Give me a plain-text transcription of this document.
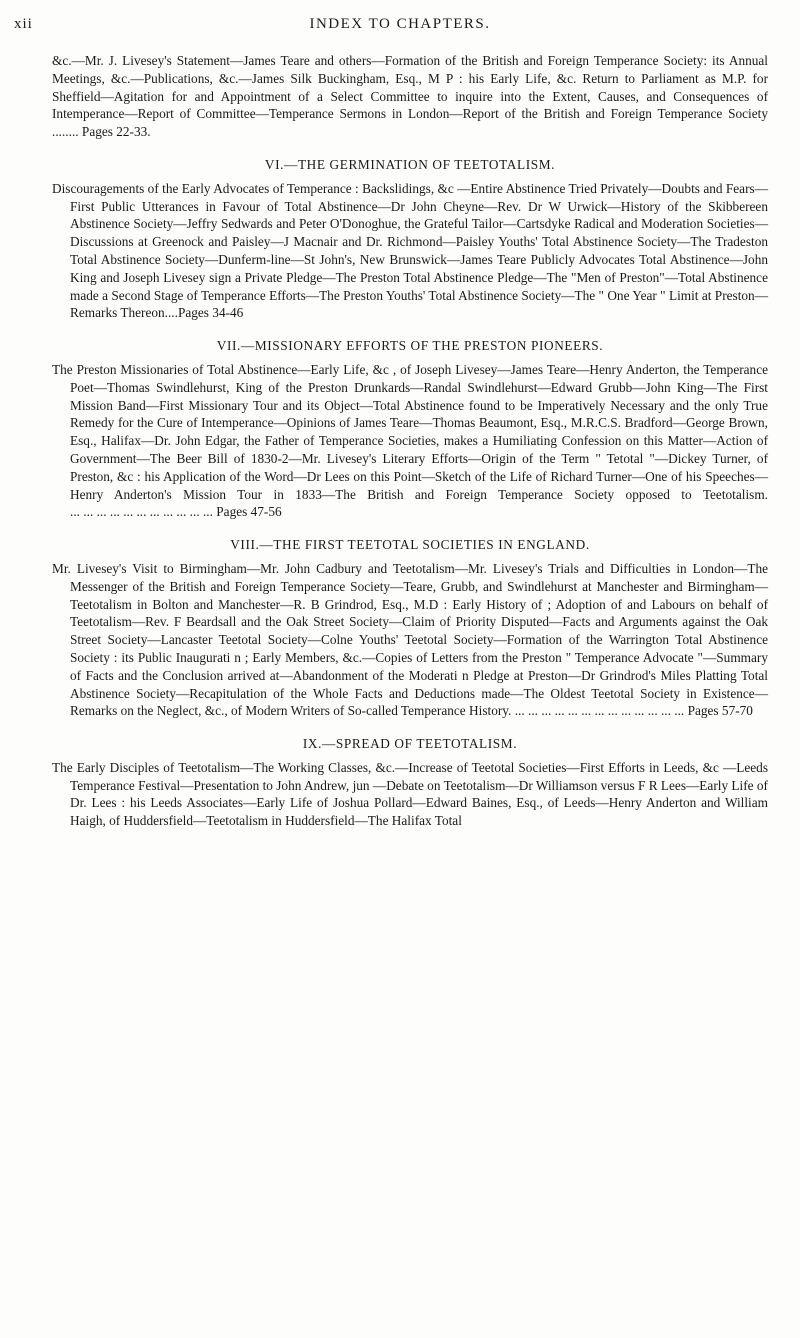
xii	INDEX TO CHAPTERS.

&c.—Mr. J. Livesey's Statement—James Teare and others—Formation of the British and Foreign Temperance Society: its Annual Meetings, &c.—Publications, &c.—James Silk Buckingham, Esq., M P : his Early Life, &c. Return to Parliament as M.P. for Sheffield—Agitation for and Appointment of a Select Committee to inquire into the Extent, Causes, and Consequences of Intemperance—Report of Committee—Temperance Sermons in London—Report of the British and Foreign Temperance Society ........ Pages 22-33.

VI.—THE GERMINATION OF TEETOTALISM.

Discouragements of the Early Advocates of Temperance : Backslidings, &c —Entire Abstinence Tried Privately—Doubts and Fears—First Public Utterances in Favour of Total Abstinence—Dr John Cheyne—Rev. Dr W Urwick—History of the Skibbereen Abstinence Society—Jeffry Sedwards and Peter O'Donoghue, the Grateful Tailor—Cartsdyke Radical and Moderation Societies—Discussions at Greenock and Paisley—J Macnair and Dr. Richmond—Paisley Youths' Total Abstinence Society—The Tradeston Total Abstinence Society—Dunferm-line—St John's, New Brunswick—James Teare Publicly Advocates Total Abstinence—John King and Joseph Livesey sign a Private Pledge—The Preston Total Abstinence Pledge—The "Men of Preston"—Total Abstinence made a Second Stage of Temperance Efforts—The Preston Youths' Total Abstinence Society—The " One Year " Limit at Preston—Remarks Thereon....Pages 34-46

VII.—MISSIONARY EFFORTS OF THE PRESTON PIONEERS.

The Preston Missionaries of Total Abstinence—Early Life, &c , of Joseph Livesey—James Teare—Henry Anderton, the Temperance Poet—Thomas Swindlehurst, King of the Preston Drunkards—Randal Swindlehurst—Edward Grubb—John King—The First Mission Band—First Missionary Tour and its Object—Total Abstinence found to be Imperatively Necessary and the only True Remedy for the Cure of Intemperance—Opinions of James Teare—Thomas Beaumont, Esq., M.R.C.S. Bradford—George Brown, Esq., Halifax—Dr. John Edgar, the Father of Temperance Societies, makes a Humiliating Confession on this Matter—Action of Government—The Beer Bill of 1830-2—Mr. Livesey's Literary Efforts—Origin of the Term " Tetotal "—Dickey Turner, of Preston, &c : his Application of the Word—Dr Lees on this Point—Sketch of the Life of Richard Turner—One of his Speeches—Henry Anderton's Mission Tour in 1833—The British and Foreign Temperance Society opposed to Teetotalism. ... ... ... ... ... ... ... ... ... ... ... Pages 47-56

VIII.—THE FIRST TEETOTAL SOCIETIES IN ENGLAND.

Mr. Livesey's Visit to Birmingham—Mr. John Cadbury and Teetotalism—Mr. Livesey's Trials and Difficulties in London—The Messenger of the British and Foreign Temperance Society—Teare, Grubb, and Swindlehurst at Manchester and Birmingham—Teetotalism in Bolton and Manchester—R. B Grindrod, Esq., M.D : Early History of ; Adoption of and Labours on behalf of Teetotalism—Rev. F Beardsall and the Oak Street Society—Claim of Priority Disputed—Facts and Arguments against the Oak Street Society—Lancaster Teetotal Society—Colne Youths' Teetotal Society—Formation of the Warrington Total Abstinence Society : its Public Inaugurati n ; Early Members, &c.—Copies of Letters from the Preston " Temperance Advocate "—Summary of Facts and the Conclusion arrived at—Abandonment of the Moderati n Pledge at Preston—Dr Grindrod's Miles Platting Total Abstinence Society—Recapitulation of the Whole Facts and Deductions made—The Oldest Teetotal Society in Existence—Remarks on the Neglect, &c., of Modern Writers of So-called Temperance History. ... ... ... ... ... ... ... ... ... ... ... ... ... Pages 57-70

IX.—SPREAD OF TEETOTALISM.

The Early Disciples of Teetotalism—The Working Classes, &c.—Increase of Teetotal Societies—First Efforts in Leeds, &c —Leeds Temperance Festival—Presentation to John Andrew, jun —Debate on Teetotalism—Dr Williamson versus F R Lees—Early Life of Dr. Lees : his Leeds Associates—Early Life of Joshua Pollard—Edward Baines, Esq., of Leeds—Henry Anderton and William Haigh, of Huddersfield—Teetotalism in Huddersfield—The Halifax Total
